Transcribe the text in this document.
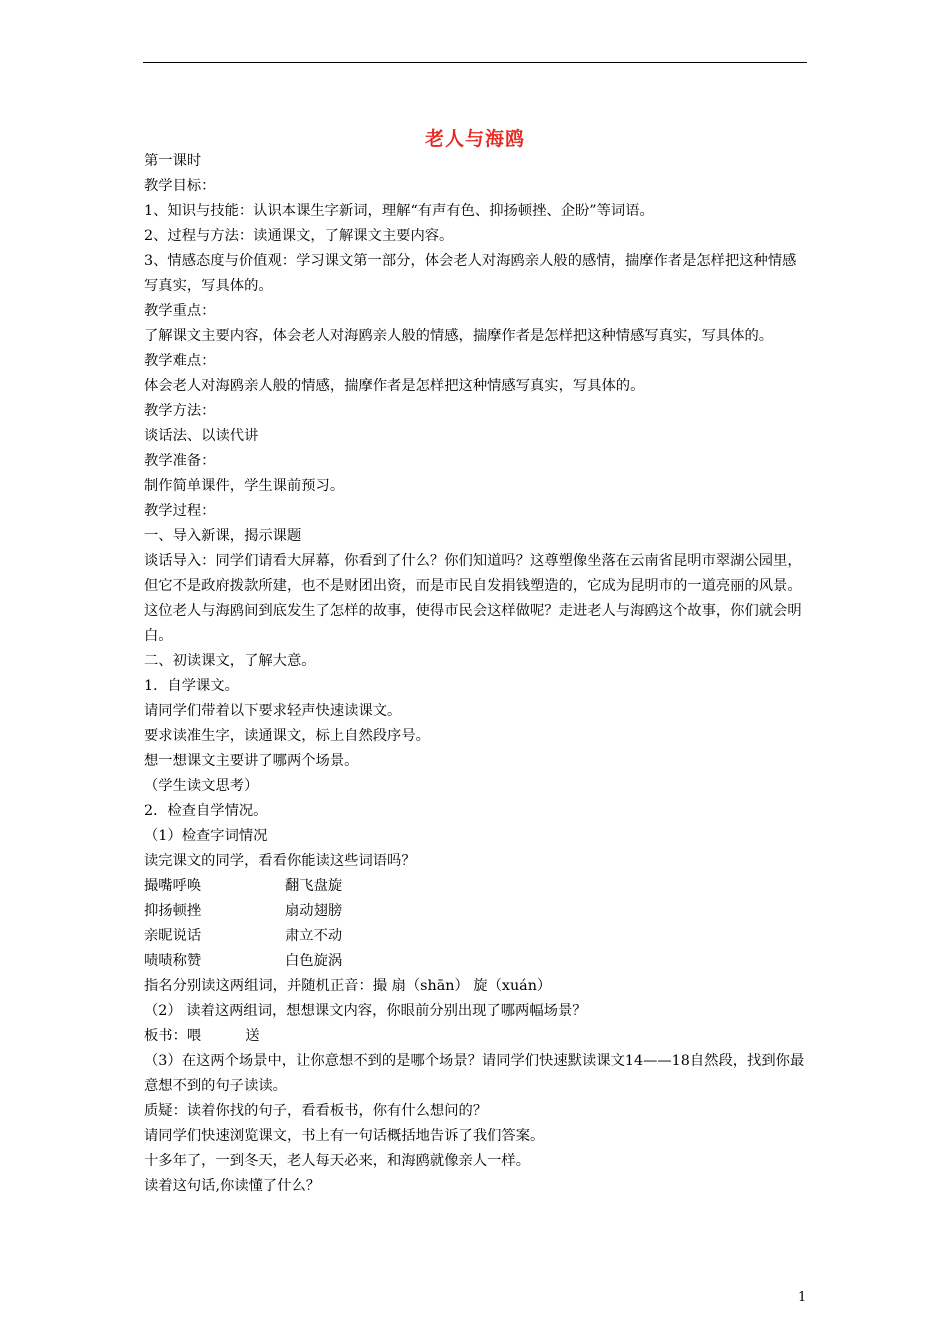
老人与海鸥

第一课时

教学目标：

1、知识与技能：认识本课生字新词，理解“有声有色、抑扬顿挫、企盼”等词语。

2、过程与方法：读通课文，了解课文主要内容。

3、情感态度与价值观：学习课文第一部分，体会老人对海鸥亲人般的感情，揣摩作者是怎样把这种情感写真实，写具体的。

教学重点：

了解课文主要内容，体会老人对海鸥亲人般的情感，揣摩作者是怎样把这种情感写真实，写具体的。

教学难点：

体会老人对海鸥亲人般的情感，揣摩作者是怎样把这种情感写真实，写具体的。

教学方法：

谈话法、以读代讲

教学准备：

制作简单课件，学生课前预习。

教学过程：

一、导入新课，揭示课题

谈话导入：同学们请看大屏幕，你看到了什么？你们知道吗？这尊塑像坐落在云南省昆明市翠湖公园里，但它不是政府拨款所建，也不是财团出资，而是市民自发捐钱塑造的，它成为昆明市的一道亮丽的风景。这位老人与海鸥间到底发生了怎样的故事，使得市民会这样做呢？走进老人与海鸥这个故事，你们就会明白。

二、初读课文，了解大意。

1．自学课文。

请同学们带着以下要求轻声快速读课文。

要求读准生字，读通课文，标上自然段序号。

想一想课文主要讲了哪两个场景。

（学生读文思考）

2．检查自学情况。

（1）检查字词情况

读完课文的同学，看看你能读这些词语吗？

撮嘴呼唤	翻飞盘旋
抑扬顿挫	扇动翅膀
亲昵说话	肃立不动
啧啧称赞	白色旋涡

指名分别读这两组词，并随机正音：撮 扇（shān） 旋（xuán）

（2） 读着这两组词，想想课文内容，你眼前分别出现了哪两幅场景？

板书：喂	送

（3）在这两个场景中，让你意想不到的是哪个场景？请同学们快速默读课文14——18自然段，找到你最意想不到的句子读读。

质疑：读着你找的句子，看看板书，你有什么想问的？

请同学们快速浏览课文，书上有一句话概括地告诉了我们答案。

十多年了，一到冬天，老人每天必来，和海鸥就像亲人一样。

读着这句话,你读懂了什么？

1
